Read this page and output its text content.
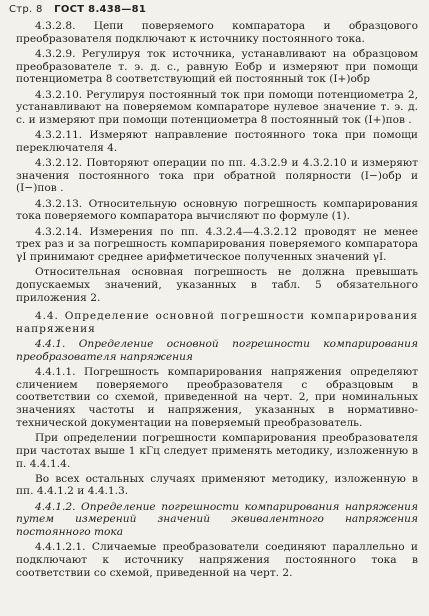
Стр. 8 ГОСТ 8.438—81

4.3.2.8. Цепи поверяемого компаратора и образцового преобразователя подключают к источнику постоянного тока.

4.3.2.9. Регулируя ток источника, устанавливают на образцовом преобразователе т. э. д. с., равную Eобр и измеряют при помощи потенциометра 8 соответствующий ей постоянный ток (I+)обр

4.3.2.10. Регулируя постоянный ток при помощи потенциометра 2, устанавливают на поверяемом компараторе нулевое значение т. э. д. с. и измеряют при помощи потенциометра 8 постоянный ток (I+)пов .

4.3.2.11. Измеряют направление постоянного тока при помощи переключателя 4.

4.3.2.12. Повторяют операции по пп. 4.3.2.9 и 4.3.2.10 и измеряют значения постоянного тока при обратной полярности (I−)обр и (I−)пов .

4.3.2.13. Относительную основную погрешность компарирования тока поверяемого компаратора вычисляют по формуле (1).

4.3.2.14. Измерения по пп. 4.3.2.4—4.3.2.12 проводят не менее трех раз и за погрешность компарирования поверяемого компаратора γI принимают среднее арифметическое полученных значений γI.

Относительная основная погрешность не должна превышать допускаемых значений, указанных в табл. 5 обязательного приложения 2.

4.4. Определение основной погрешности компарирования напряжения

4.4.1. Определение основной погрешности компарирования преобразователя напряжения

4.4.1.1. Погрешность компарирования напряжения определяют сличением поверяемого преобразователя с образцовым в соответствии со схемой, приведенной на черт. 2, при номинальных значениях частоты и напряжения, указанных в нормативно-технической документации на поверяемый преобразователь.

При определении погрешности компарирования преобразователя при частотах выше 1 кГц следует применять методику, изложенную в п. 4.4.1.4.

Во всех остальных случаях применяют методику, изложенную в пп. 4.4.1.2 и 4.4.1.3.

4.4.1.2. Определение погрешности компарирования напряжения путем измерений значений эквивалентного напряжения постоянного тока

4.4.1.2.1. Сличаемые преобразователи соединяют параллельно и подключают к источнику напряжения постоянного тока в соответствии со схемой, приведенной на черт. 2.
